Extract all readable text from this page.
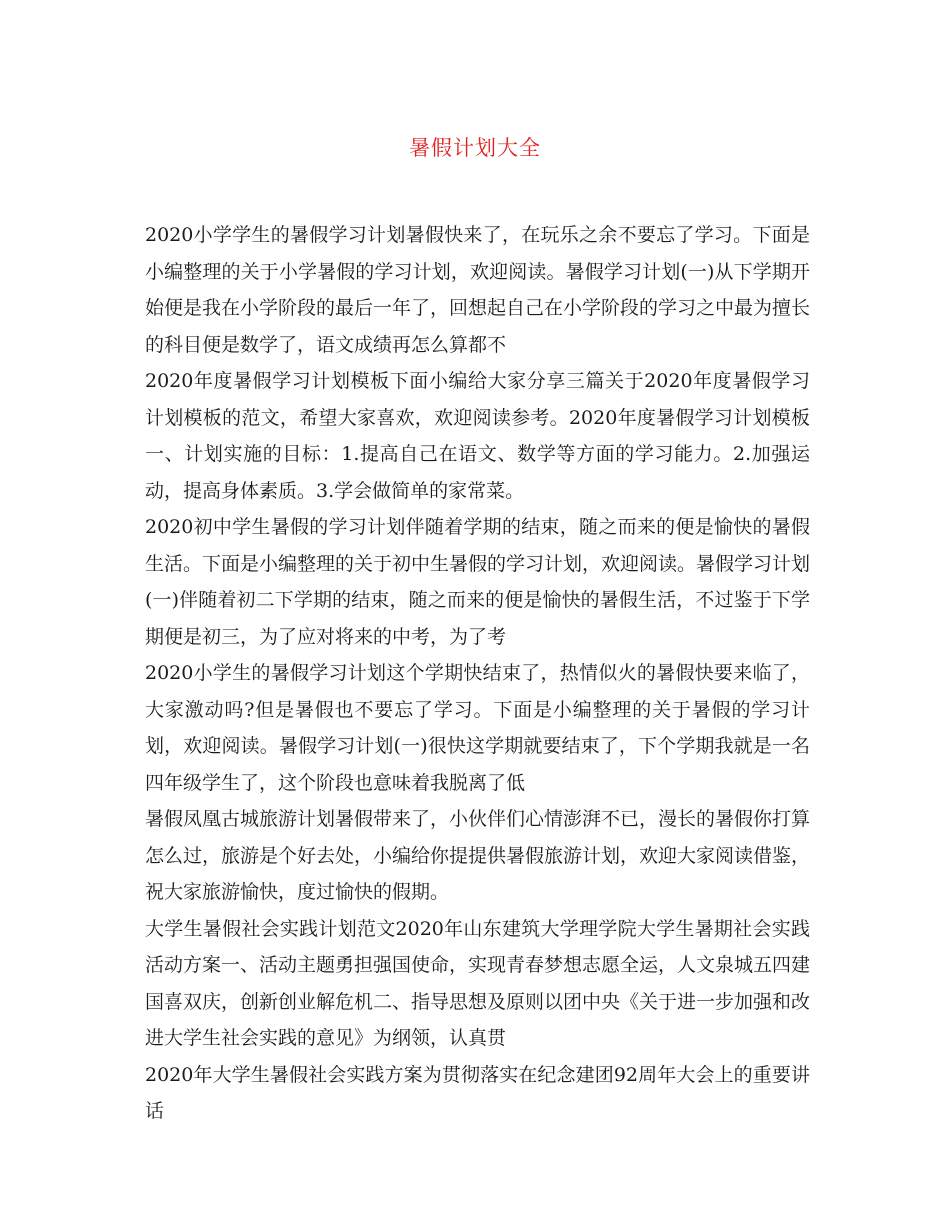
暑假计划大全

2020小学学生的暑假学习计划暑假快来了，在玩乐之余不要忘了学习。下面是小编整理的关于小学暑假的学习计划，欢迎阅读。暑假学习计划(一)从下学期开始便是我在小学阶段的最后一年了，回想起自己在小学阶段的学习之中最为擅长的科目便是数学了，语文成绩再怎么算都不

2020年度暑假学习计划模板下面小编给大家分享三篇关于2020年度暑假学习计划模板的范文，希望大家喜欢，欢迎阅读参考。2020年度暑假学习计划模板一、计划实施的目标：1.提高自己在语文、数学等方面的学习能力。2.加强运动，提高身体素质。3.学会做简单的家常菜。

2020初中学生暑假的学习计划伴随着学期的结束，随之而来的便是愉快的暑假生活。下面是小编整理的关于初中生暑假的学习计划，欢迎阅读。暑假学习计划(一)伴随着初二下学期的结束，随之而来的便是愉快的暑假生活，不过鉴于下学期便是初三，为了应对将来的中考，为了考

2020小学生的暑假学习计划这个学期快结束了，热情似火的暑假快要来临了，大家激动吗?但是暑假也不要忘了学习。下面是小编整理的关于暑假的学习计划，欢迎阅读。暑假学习计划(一)很快这学期就要结束了，下个学期我就是一名四年级学生了，这个阶段也意味着我脱离了低

暑假凤凰古城旅游计划暑假带来了，小伙伴们心情澎湃不已，漫长的暑假你打算怎么过，旅游是个好去处，小编给你提提供暑假旅游计划，欢迎大家阅读借鉴，祝大家旅游愉快，度过愉快的假期。

大学生暑假社会实践计划范文2020年山东建筑大学理学院大学生暑期社会实践活动方案一、活动主题勇担强国使命，实现青春梦想志愿全运，人文泉城五四建国喜双庆，创新创业解危机二、指导思想及原则以团中央《关于进一步加强和改进大学生社会实践的意见》为纲领，认真贯

2020年大学生暑假社会实践方案为贯彻落实在纪念建团92周年大会上的重要讲话
